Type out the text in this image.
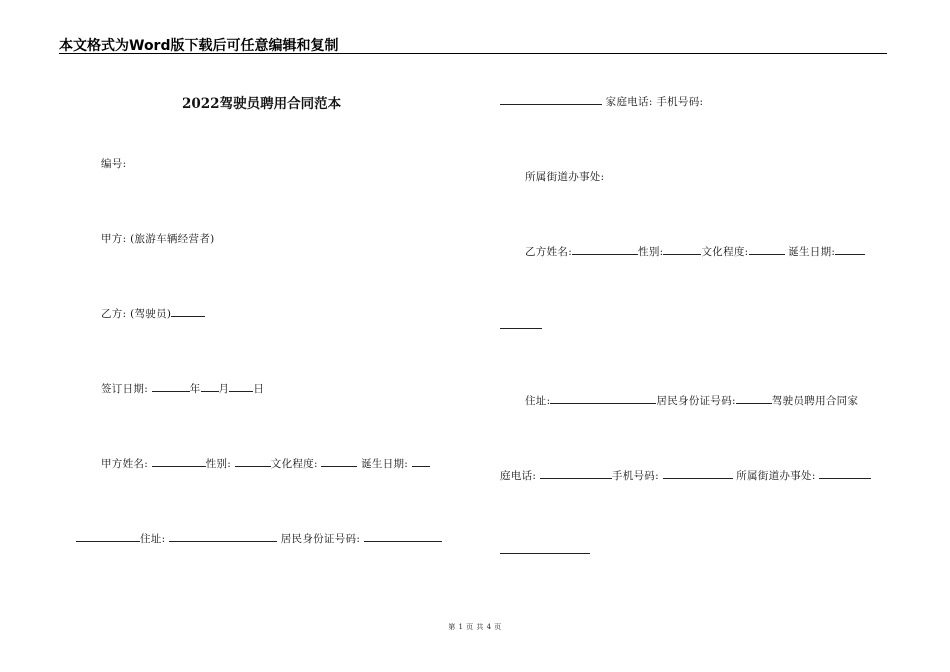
本文格式为Word版下载后可任意编辑和复制
2022驾驶员聘用合同范本
编号:
甲方: (旅游车辆经营者)
乙方: (驾驶员)
签订日期:	年 月 日
甲方姓名:	性别:	文化程度:	诞生日期:
住址:	居民身份证号码:
家庭电话: 手机号码:
所属街道办事处:
乙方姓名:	性别:	文化程度:	诞生日期:
住址:	居民身份证号码:	驾驶员聘用合同家
庭电话:	手机号码:	所属街道办事处:
第 1 页 共 4 页
